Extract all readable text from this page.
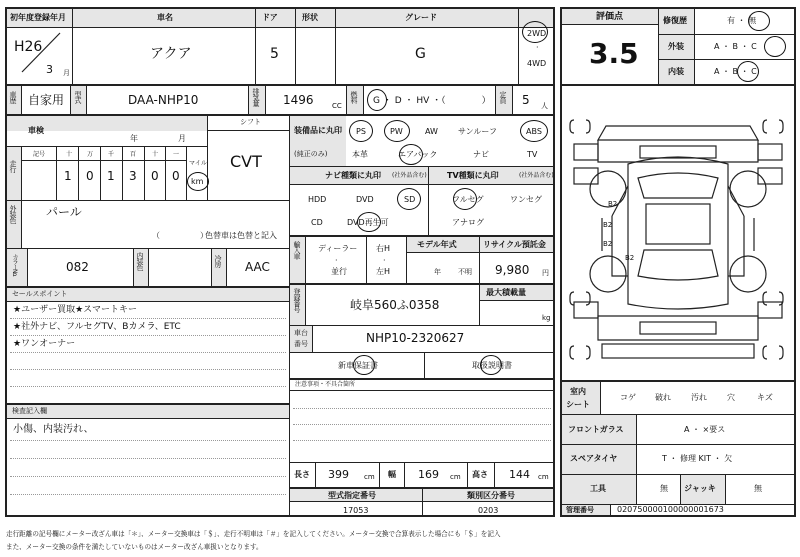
初年度登録年月	車名	ドア	形状	グレード
H26
3 月
アクア	5	G
2WD
·
4WD
車歴 自家用 型式	DAA-NHP10	排気量 1496	CC
燃料 G ・ D ・ HV ・（　　　　） 定員 5 人
車検
年	月
シフト
CVT
走行
記号	十 万 千	百	十 一
1 0 1 3 0 0
マイル
km
外装色 パール
（　　　　　）
色替車は色替と記入
カラーNo.	082	内装色	冷房 AAC
セールスポイント
★ユーザー買取★スマートキー
★社外ナビ、フルセグTV、Bカメラ、ETC
★ワンオーナー
検査記入欄
小傷、内装汚れ、
装備品に丸印
(純正のみ)
PS	PW	AW	サンルーフ	ABS
本革	エアバック	ナビ	TV
ナビ種類に丸印 (社外品含む)	TV種類に丸印	(社外品含む)
HDD	DVD	SD
CD	DVD再生可
フルセグ	ワンセグ
アナログ
輸入車 ディーラー
並行
·
右H
·
左H
モデル年式
年 不明
リサイクル預託金
9,980 円
登録番号	岐阜560ふ0358
最大積載量
kg
車台
番号	NHP10-2320627
新車保証書	取扱説明書
注意事項・不具合箇所
長さ 399 cm 幅 169 cm 高さ 144 cm
型式指定番号	類別区分番号
17053	0203
評価点
3.5
修復歴
外装
内装
有 ・ 無
A ・ B ・ C
A ・ B ・ C
B2
B2
B2
B2
室内
シート
コゲ 破れ	汚れ	穴	キズ
フロントガラス	A ・ ×要ス
スペアタイヤ	T ・ 修理 KIT ・ 欠
工具	無 ジャッキ	無
管理番号	020750000100000001673
走行距離の記号欄にメーター改ざん車は「＊」、メーター交換車は「＄」、走行不明車は「＃」を記入してください。メーター交換で合算表示した場合にも「＄」を記入
また、メーター交換の条件を満たしていないものはメーター改ざん車扱いとなります。
